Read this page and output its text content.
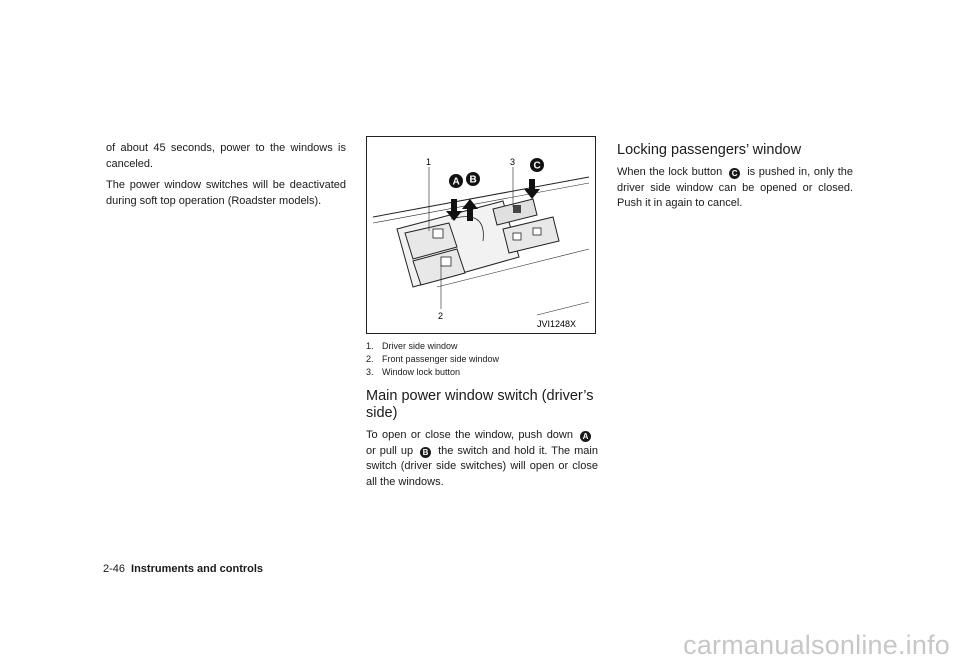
of about 45 seconds, power to the windows is canceled.

The power window switches will be deactivated during soft top operation (Roadster models).

1
2
3
A B
C
JVI1248X
1. Driver side window
2. Front passenger side window
3. Window lock button
Main power window switch (driver’s side)

To open or close the window, push down Aor pull up B the switch and hold it. The main switch (driver side switches) will open or close all the windows.

Locking passengers’ window

When the lock button C is pushed in, only the driver side window can be opened or closed. Push it in again to cancel.

2-46 Instruments and controls
carmanualsonline.info
